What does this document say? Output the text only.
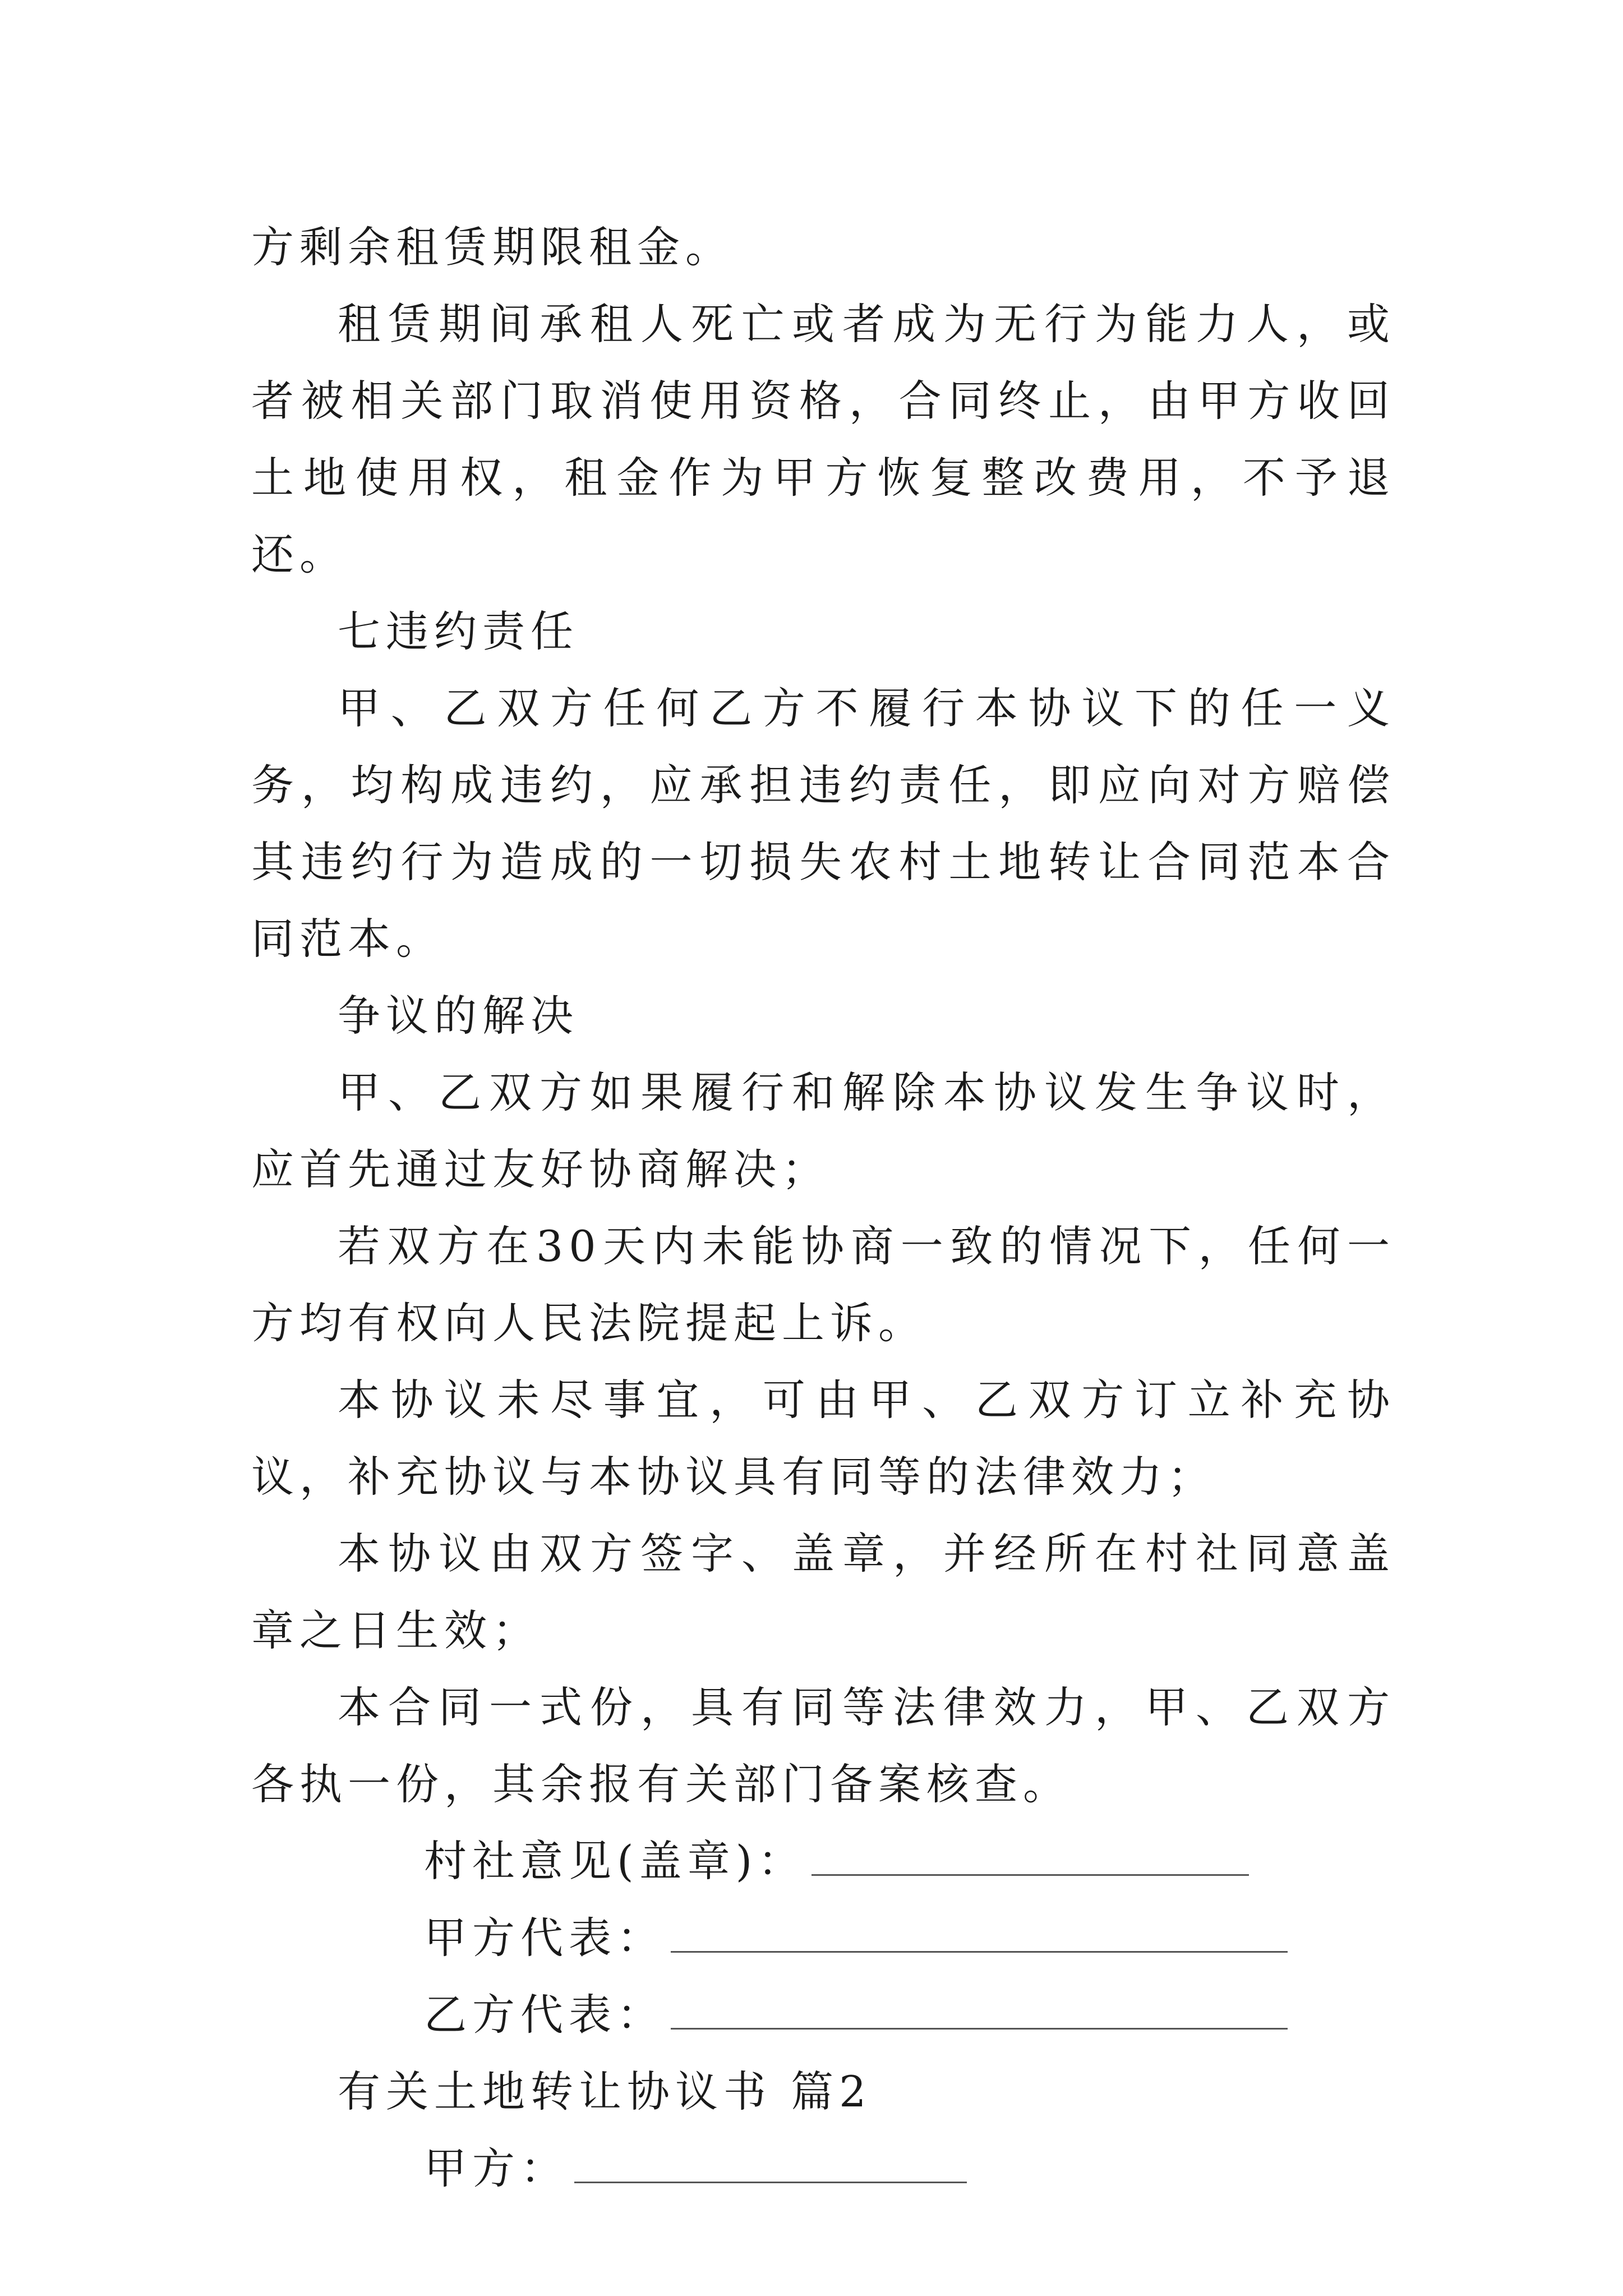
方剩余租赁期限租金。

租赁期间承租人死亡或者成为无行为能力人，或者被相关部门取消使用资格，合同终止，由甲方收回土地使用权，租金作为甲方恢复整改费用，不予退还。

七违约责任

甲、乙双方任何乙方不履行本协议下的任一义务，均构成违约，应承担违约责任，即应向对方赔偿其违约行为造成的一切损失农村土地转让合同范本合同范本。

争议的解决

甲、乙双方如果履行和解除本协议发生争议时，应首先通过友好协商解决；

若双方在30天内未能协商一致的情况下，任何一方均有权向人民法院提起上诉。

本协议未尽事宜，可由甲、乙双方订立补充协议，补充协议与本协议具有同等的法律效力；

本协议由双方签字、盖章，并经所在村社同意盖章之日生效；

本合同一式份，具有同等法律效力，甲、乙双方各执一份，其余报有关部门备案核查。

村社意见(盖章)：

甲方代表：

乙方代表：

有关土地转让协议书 篇2

甲方：
